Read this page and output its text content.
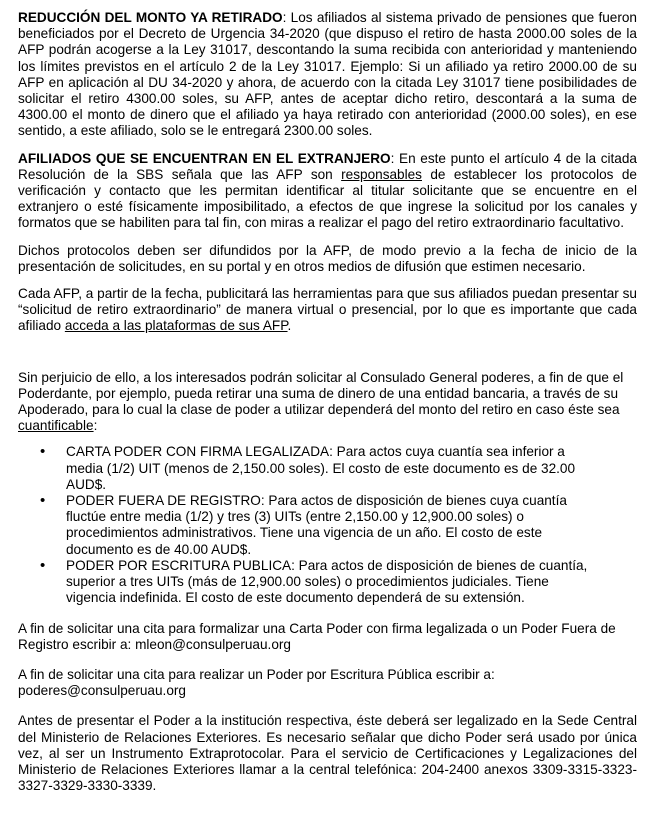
REDUCCIÓN DEL MONTO YA RETIRADO: Los afiliados al sistema privado de pensiones que fueron beneficiados por el Decreto de Urgencia 34-2020 (que dispuso el retiro de hasta 2000.00 soles de la AFP podrán acogerse a la Ley 31017, descontando la suma recibida con anterioridad y manteniendo los límites previstos en el artículo 2 de la Ley 31017. Ejemplo: Si un afiliado ya retiro 2000.00 de su AFP en aplicación al DU 34-2020 y ahora, de acuerdo con la citada Ley 31017 tiene posibilidades de solicitar el retiro 4300.00 soles, su AFP, antes de aceptar dicho retiro, descontará a la suma de 4300.00 el monto de dinero que el afiliado ya haya retirado con anterioridad (2000.00 soles), en ese sentido, a este afiliado, solo se le entregará 2300.00 soles.

AFILIADOS QUE SE ENCUENTRAN EN EL EXTRANJERO: En este punto el artículo 4 de la citada Resolución de la SBS señala que las AFP son responsables de establecer los protocolos de verificación y contacto que les permitan identificar al titular solicitante que se encuentre en el extranjero o esté físicamente imposibilitado, a efectos de que ingrese la solicitud por los canales y formatos que se habiliten para tal fin, con miras a realizar el pago del retiro extraordinario facultativo.

Dichos protocolos deben ser difundidos por la AFP, de modo previo a la fecha de inicio de la presentación de solicitudes, en su portal y en otros medios de difusión que estimen necesario.

Cada AFP, a partir de la fecha, publicitará las herramientas para que sus afiliados puedan presentar su “solicitud de retiro extraordinario” de manera virtual o presencial, por lo que es importante que cada afiliado acceda a las plataformas de sus AFP.

Sin perjuicio de ello, a los interesados podrán solicitar al Consulado General poderes, a fin de que el Poderdante, por ejemplo, pueda retirar una suma de dinero de una entidad bancaria, a través de su Apoderado, para lo cual la clase de poder a utilizar dependerá del monto del retiro en caso éste sea cuantificable:

• CARTA PODER CON FIRMA LEGALIZADA: Para actos cuya cuantía sea inferior a media (1/2) UIT (menos de 2,150.00 soles). El costo de este documento es de 32.00 AUD$.
• PODER FUERA DE REGISTRO: Para actos de disposición de bienes cuya cuantía fluctúe entre media (1/2) y tres (3) UITs (entre 2,150.00 y 12,900.00 soles) o procedimientos administrativos. Tiene una vigencia de un año. El costo de este documento es de 40.00 AUD$.
• PODER POR ESCRITURA PUBLICA: Para actos de disposición de bienes de cuantía, superior a tres UITs (más de 12,900.00 soles) o procedimientos judiciales. Tiene vigencia indefinida. El costo de este documento dependerá de su extensión.

A fin de solicitar una cita para formalizar una Carta Poder con firma legalizada o un Poder Fuera de Registro escribir a: mleon@consulperuau.org

A fin de solicitar una cita para realizar un Poder por Escritura Pública escribir a: poderes@consulperuau.org

Antes de presentar el Poder a la institución respectiva, éste deberá ser legalizado en la Sede Central del Ministerio de Relaciones Exteriores. Es necesario señalar que dicho Poder será usado por única vez, al ser un Instrumento Extraprotocolar. Para el servicio de Certificaciones y Legalizaciones del Ministerio de Relaciones Exteriores llamar a la central telefónica: 204-2400 anexos 3309-3315-3323-3327-3329-3330-3339.
